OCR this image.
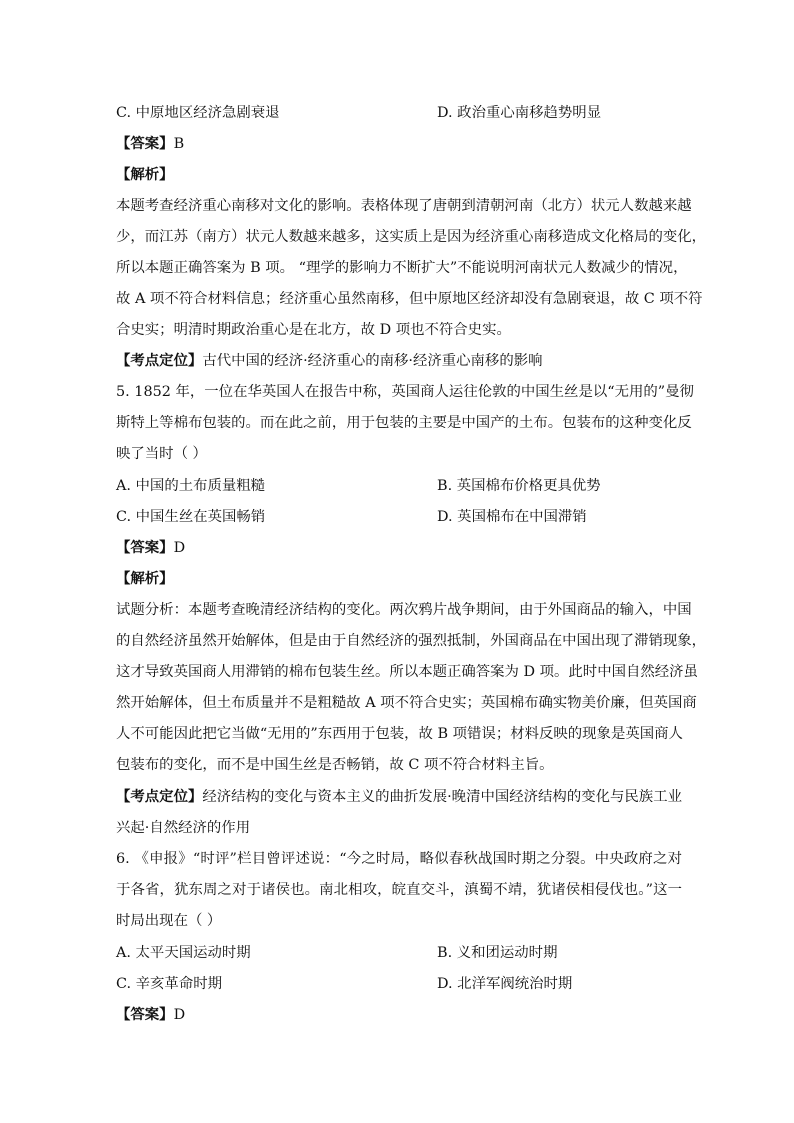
C. 中原地区经济急剧衰退	D. 政治重心南移趋势明显
【答案】B
【解析】
本题考查经济重心南移对文化的影响。表格体现了唐朝到清朝河南（北方）状元人数越来越
少，而江苏（南方）状元人数越来越多，这实质上是因为经济重心南移造成文化格局的变化，
所以本题正确答案为 B 项。 “理学的影响力不断扩大”不能说明河南状元人数减少的情况，
故 A 项不符合材料信息；经济重心虽然南移，但中原地区经济却没有急剧衰退，故 C 项不符
合史实；明清时期政治重心是在北方，故 D 项也不符合史实。
【考点定位】古代中国的经济·经济重心的南移·经济重心南移的影响
5. 1852 年，一位在华英国人在报告中称，英国商人运往伦敦的中国生丝是以“无用的”曼彻
斯特上等棉布包装的。而在此之前，用于包装的主要是中国产的土布。包装布的这种变化反
映了当时（ ）
A. 中国的土布质量粗糙	B. 英国棉布价格更具优势
C. 中国生丝在英国畅销	D. 英国棉布在中国滞销
【答案】D
【解析】
试题分析：本题考查晚清经济结构的变化。两次鸦片战争期间，由于外国商品的输入，中国
的自然经济虽然开始解体，但是由于自然经济的强烈抵制，外国商品在中国出现了滞销现象，
这才导致英国商人用滞销的棉布包装生丝。所以本题正确答案为 D 项。此时中国自然经济虽
然开始解体，但土布质量并不是粗糙故 A 项不符合史实；英国棉布确实物美价廉，但英国商
人不可能因此把它当做“无用的”东西用于包装，故 B 项错误；材料反映的现象是英国商人
包装布的变化，而不是中国生丝是否畅销，故 C 项不符合材料主旨。
【考点定位】经济结构的变化与资本主义的曲折发展·晚清中国经济结构的变化与民族工业
兴起·自然经济的作用
6. 《申报》“时评”栏目曾评述说：“今之时局，略似春秋战国时期之分裂。中央政府之对
于各省，犹东周之对于诸侯也。南北相攻，皖直交斗，滇蜀不靖，犹诸侯相侵伐也。”这一
时局出现在（ ）
A. 太平天国运动时期	B. 义和团运动时期
C. 辛亥革命时期	D. 北洋军阀统治时期
【答案】D
